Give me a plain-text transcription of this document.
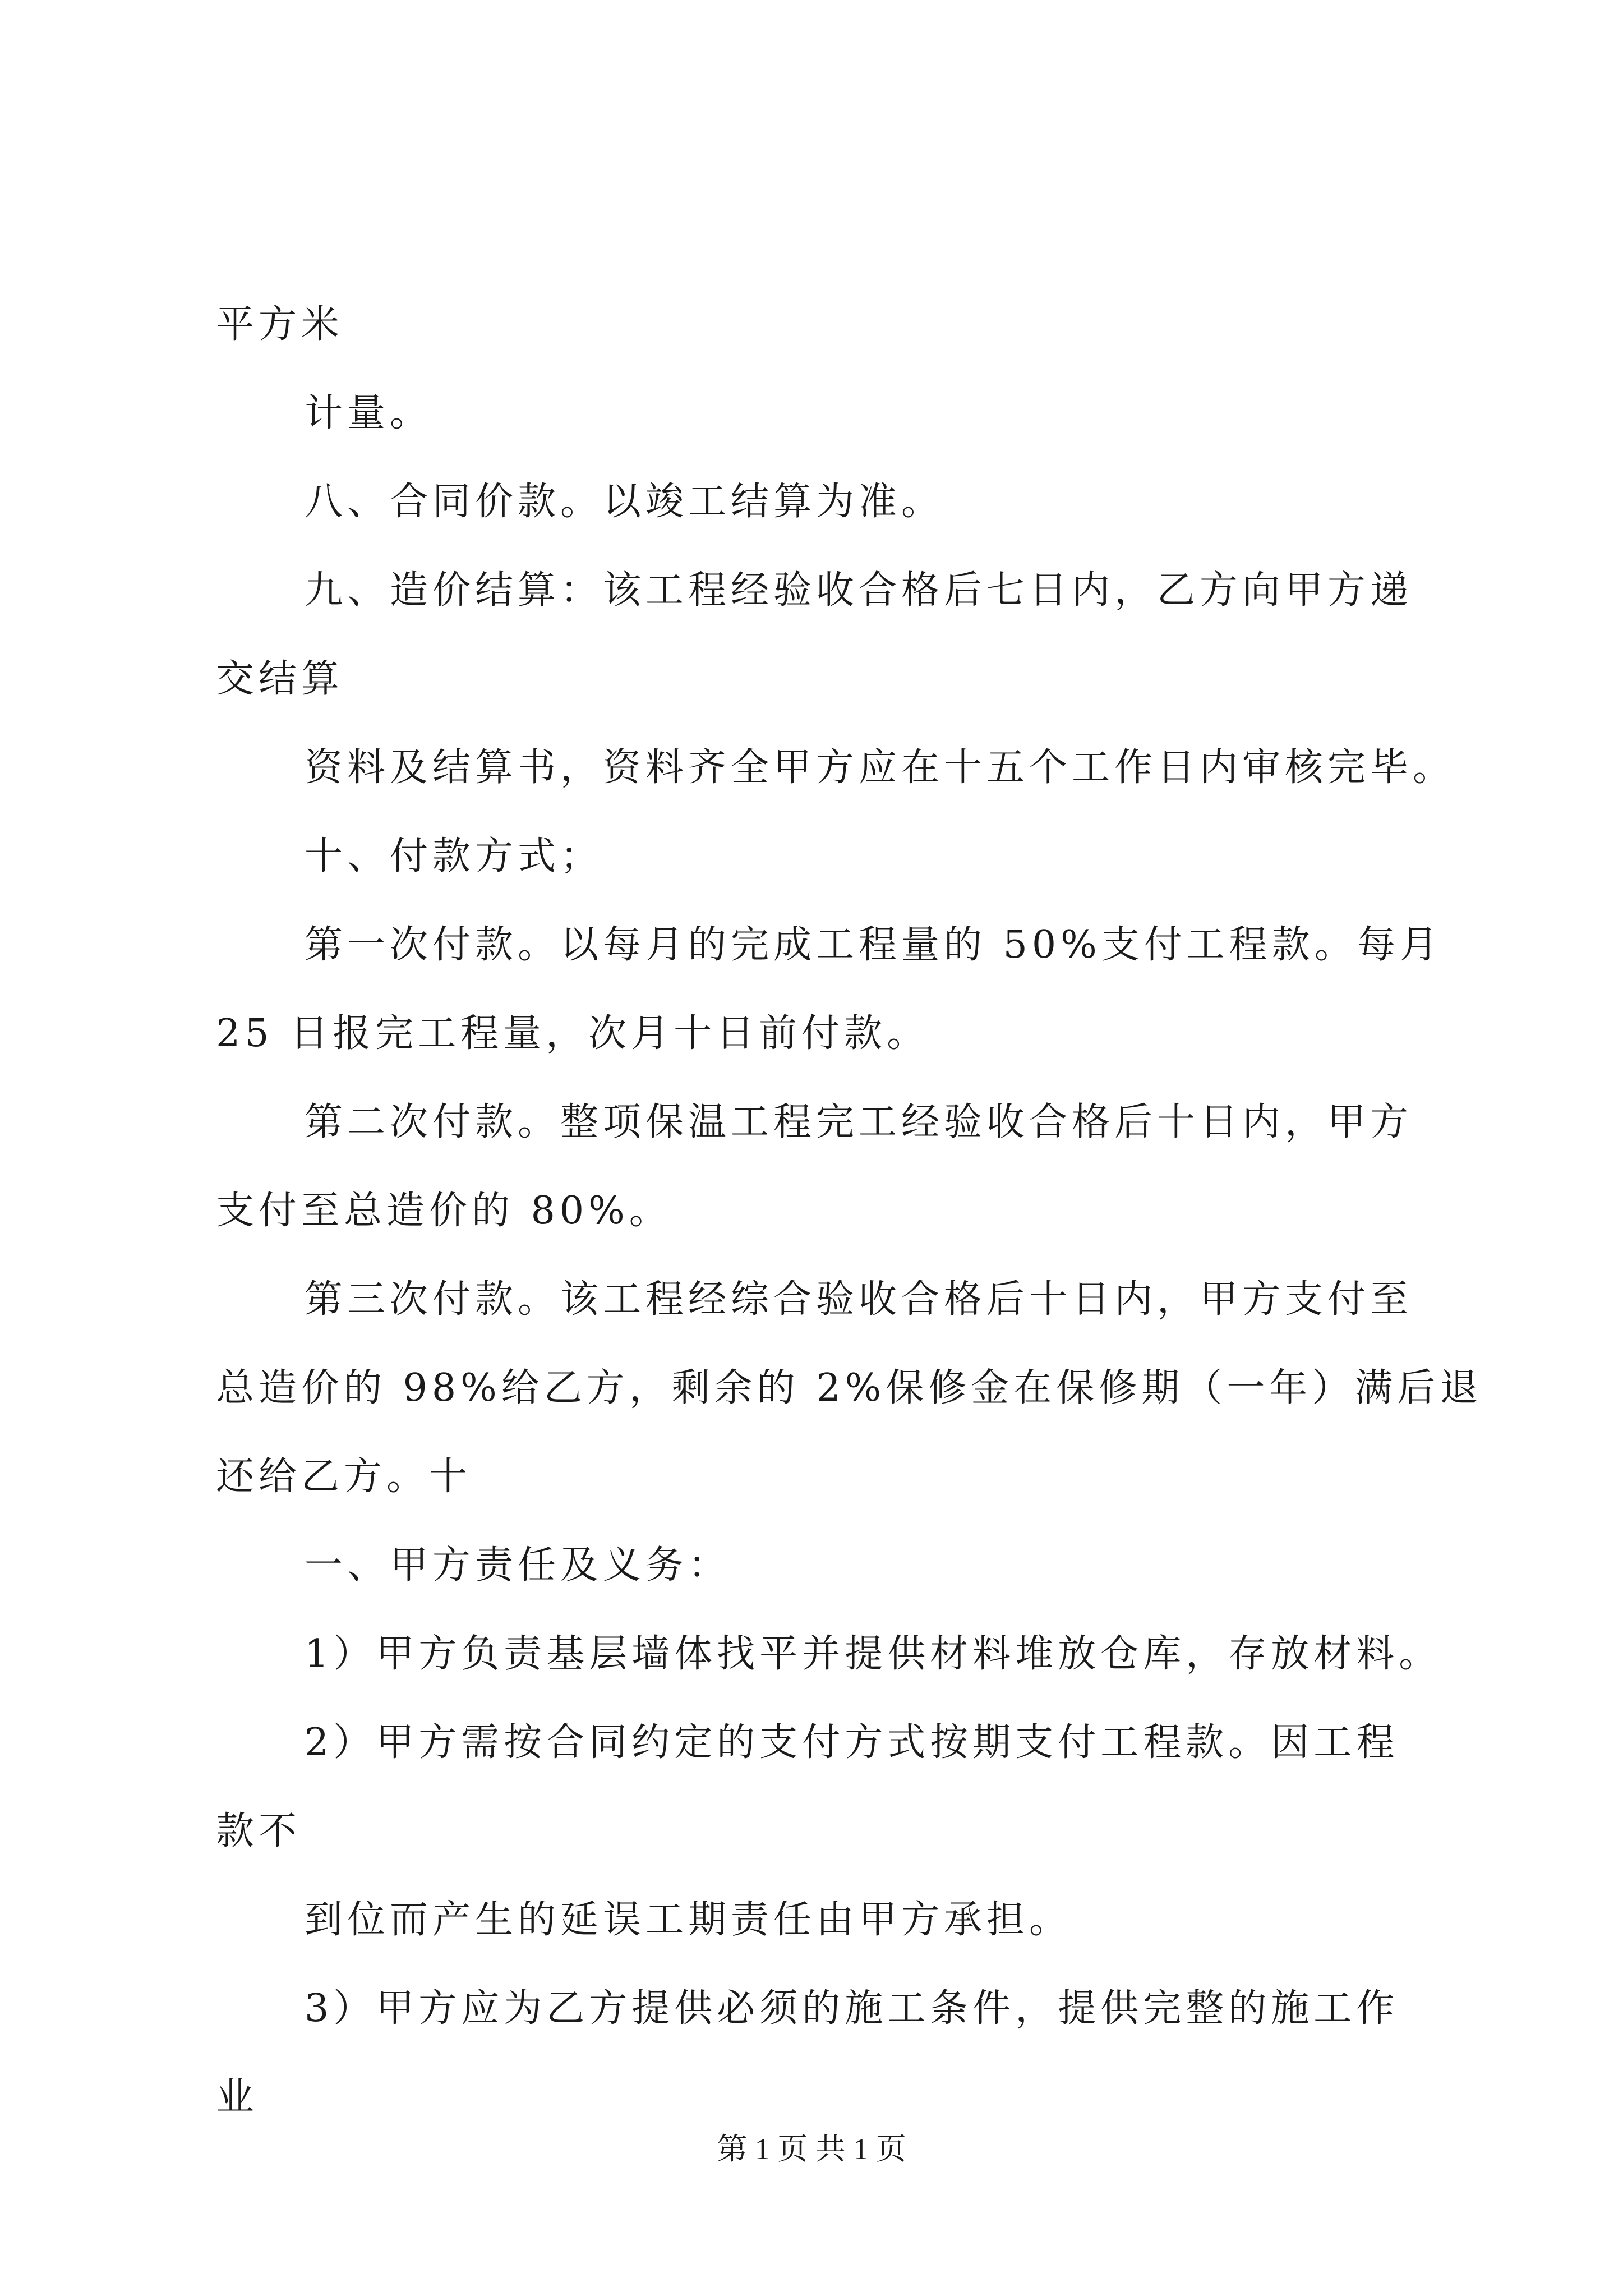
平方米
计量。
八、合同价款。以竣工结算为准。
九、造价结算：该工程经验收合格后七日内，乙方向甲方递
交结算
资料及结算书，资料齐全甲方应在十五个工作日内审核完毕。
十、付款方式；
第一次付款。以每月的完成工程量的 50%支付工程款。每月
25 日报完工程量，次月十日前付款。
第二次付款。整项保温工程完工经验收合格后十日内，甲方
支付至总造价的 80%。
第三次付款。该工程经综合验收合格后十日内，甲方支付至
总造价的 98%给乙方，剩余的 2%保修金在保修期（一年）满后退
还给乙方。十
一、甲方责任及义务：
1）甲方负责基层墙体找平并提供材料堆放仓库，存放材料。
2）甲方需按合同约定的支付方式按期支付工程款。因工程
款不
到位而产生的延误工期责任由甲方承担。
3）甲方应为乙方提供必须的施工条件，提供完整的施工作
业
第 1 页 共 1 页
